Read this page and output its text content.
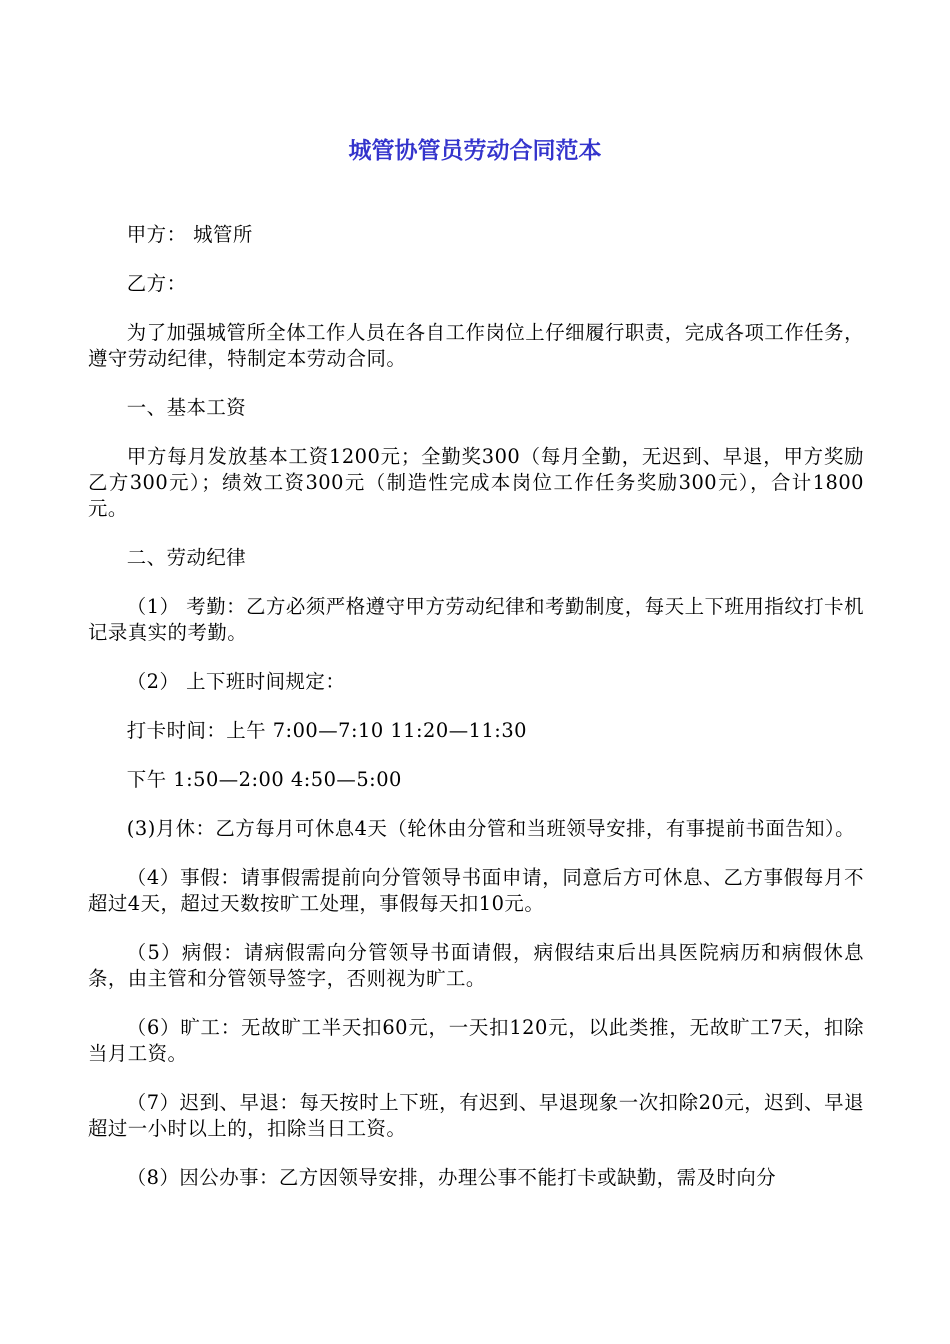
城管协管员劳动合同范本

甲方： 城管所

乙方：

为了加强城管所全体工作人员在各自工作岗位上仔细履行职责，完成各项工作任务，遵守劳动纪律，特制定本劳动合同。

一、基本工资

甲方每月发放基本工资1200元；全勤奖300（每月全勤，无迟到、早退，甲方奖励乙方300元）；绩效工资300元（制造性完成本岗位工作任务奖励300元），合计1800元。

二、劳动纪律

（1） 考勤：乙方必须严格遵守甲方劳动纪律和考勤制度，每天上下班用指纹打卡机记录真实的考勤。

（2） 上下班时间规定：

打卡时间：上午 7:00—7:10 11:20—11:30

下午 1:50—2:00 4:50—5:00

(3)月休：乙方每月可休息4天（轮休由分管和当班领导安排，有事提前书面告知）。

（4）事假：请事假需提前向分管领导书面申请，同意后方可休息、乙方事假每月不超过4天，超过天数按旷工处理，事假每天扣10元。

（5）病假：请病假需向分管领导书面请假，病假结束后出具医院病历和病假休息条，由主管和分管领导签字，否则视为旷工。

（6）旷工：无故旷工半天扣60元，一天扣120元，以此类推，无故旷工7天，扣除当月工资。

（7）迟到、早退：每天按时上下班，有迟到、早退现象一次扣除20元，迟到、早退超过一小时以上的，扣除当日工资。

（8）因公办事：乙方因领导安排，办理公事不能打卡或缺勤，需及时向分
